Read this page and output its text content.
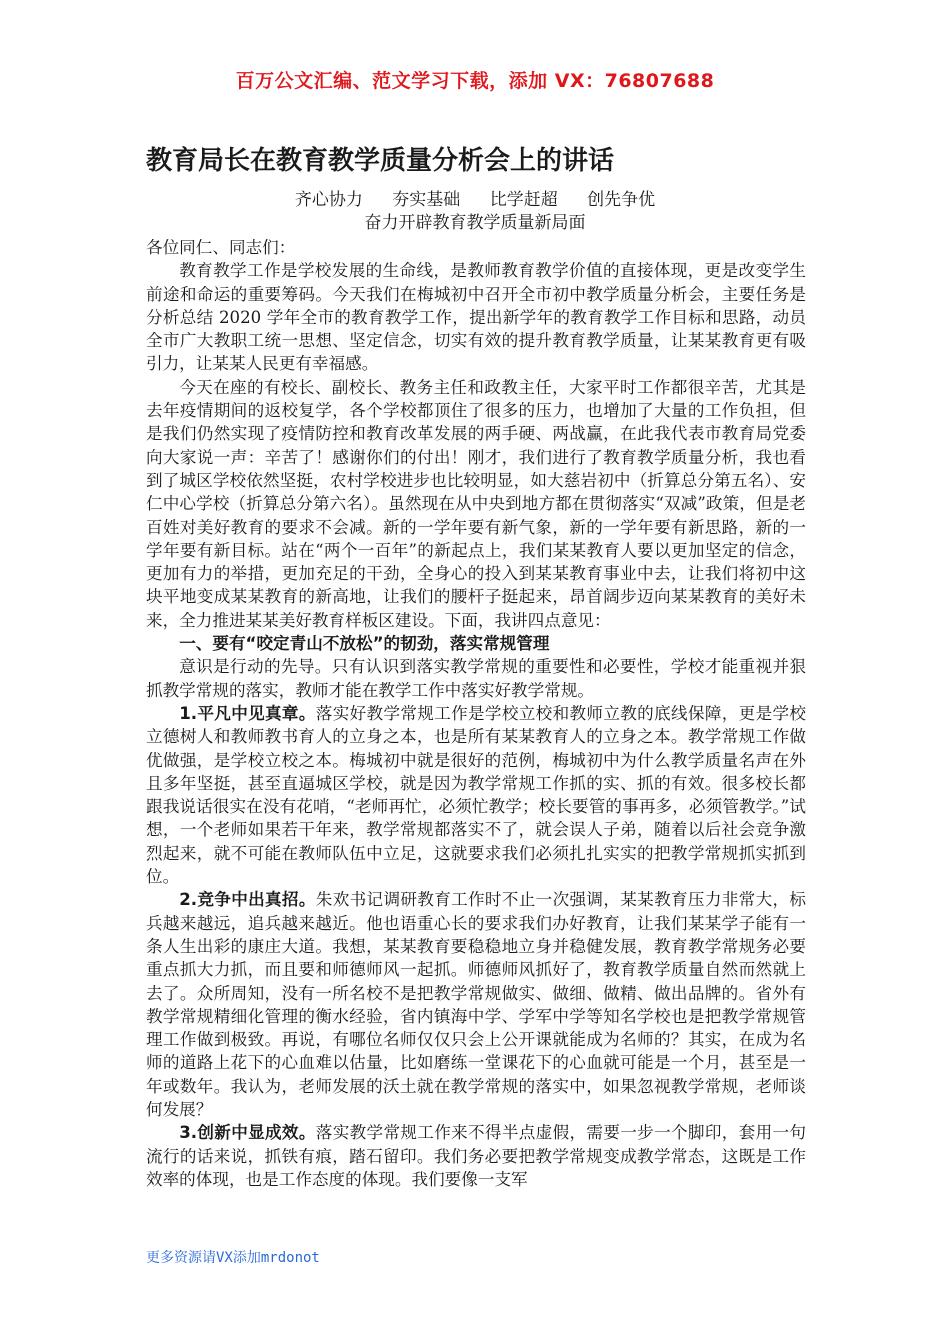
百万公文汇编、范文学习下载，添加 VX：76807688
教育局长在教育教学质量分析会上的讲话
齐心协力 夯实基础 比学赶超 创先争优
奋力开辟教育教学质量新局面

各位同仁、同志们：

教育教学工作是学校发展的生命线，是教师教育教学价值的直接体现，更是改变学生前途和命运的重要筹码。今天我们在梅城初中召开全市初中教学质量分析会，主要任务是分析总结 2020 学年全市的教育教学工作，提出新学年的教育教学工作目标和思路，动员全市广大教职工统一思想、坚定信念，切实有效的提升教育教学质量，让某某教育更有吸引力，让某某人民更有幸福感。

今天在座的有校长、副校长、教务主任和政教主任，大家平时工作都很辛苦，尤其是去年疫情期间的返校复学，各个学校都顶住了很多的压力，也增加了大量的工作负担，但是我们仍然实现了疫情防控和教育改革发展的两手硬、两战赢，在此我代表市教育局党委向大家说一声：辛苦了！感谢你们的付出！刚才，我们进行了教育教学质量分析，我也看到了城区学校依然坚挺，农村学校进步也比较明显，如大慈岩初中（折算总分第五名）、安仁中心学校（折算总分第六名）。虽然现在从中央到地方都在贯彻落实“双减”政策，但是老百姓对美好教育的要求不会减。新的一学年要有新气象，新的一学年要有新思路，新的一学年要有新目标。站在“两个一百年”的新起点上，我们某某教育人要以更加坚定的信念，更加有力的举措，更加充足的干劲，全身心的投入到某某教育事业中去，让我们将初中这块平地变成某某教育的新高地，让我们的腰杆子挺起来，昂首阔步迈向某某教育的美好未来，全力推进某某美好教育样板区建设。下面，我讲四点意见：

一、要有“咬定青山不放松”的韧劲，落实常规管理

意识是行动的先导。只有认识到落实教学常规的重要性和必要性，学校才能重视并狠抓教学常规的落实，教师才能在教学工作中落实好教学常规。

1.平凡中见真章。落实好教学常规工作是学校立校和教师立教的底线保障，更是学校立德树人和教师教书育人的立身之本，也是所有某某教育人的立身之本。教学常规工作做优做强，是学校立校之本。梅城初中就是很好的范例，梅城初中为什么教学质量名声在外且多年坚挺，甚至直逼城区学校，就是因为教学常规工作抓的实、抓的有效。很多校长都跟我说话很实在没有花哨，“老师再忙，必须忙教学；校长要管的事再多，必须管教学。”试想，一个老师如果若干年来，教学常规都落实不了，就会误人子弟，随着以后社会竞争激烈起来，就不可能在教师队伍中立足，这就要求我们必须扎扎实实的把教学常规抓实抓到位。

2.竞争中出真招。朱欢书记调研教育工作时不止一次强调，某某教育压力非常大，标兵越来越远，追兵越来越近。他也语重心长的要求我们办好教育，让我们某某学子能有一条人生出彩的康庄大道。我想，某某教育要稳稳地立身并稳健发展，教育教学常规务必要重点抓大力抓，而且要和师德师风一起抓。师德师风抓好了，教育教学质量自然而然就上去了。众所周知，没有一所名校不是把教学常规做实、做细、做精、做出品牌的。省外有教学常规精细化管理的衡水经验，省内镇海中学、学军中学等知名学校也是把教学常规管理工作做到极致。再说，有哪位名师仅仅只会上公开课就能成为名师的？其实，在成为名师的道路上花下的心血难以估量，比如磨练一堂课花下的心血就可能是一个月，甚至是一年或数年。我认为，老师发展的沃土就在教学常规的落实中，如果忽视教学常规，老师谈何发展？

3.创新中显成效。落实教学常规工作来不得半点虚假，需要一步一个脚印，套用一句流行的话来说，抓铁有痕，踏石留印。我们务必要把教学常规变成教学常态，这既是工作效率的体现，也是工作态度的体现。我们要像一支军

更多资源请VX添加mrdonot
